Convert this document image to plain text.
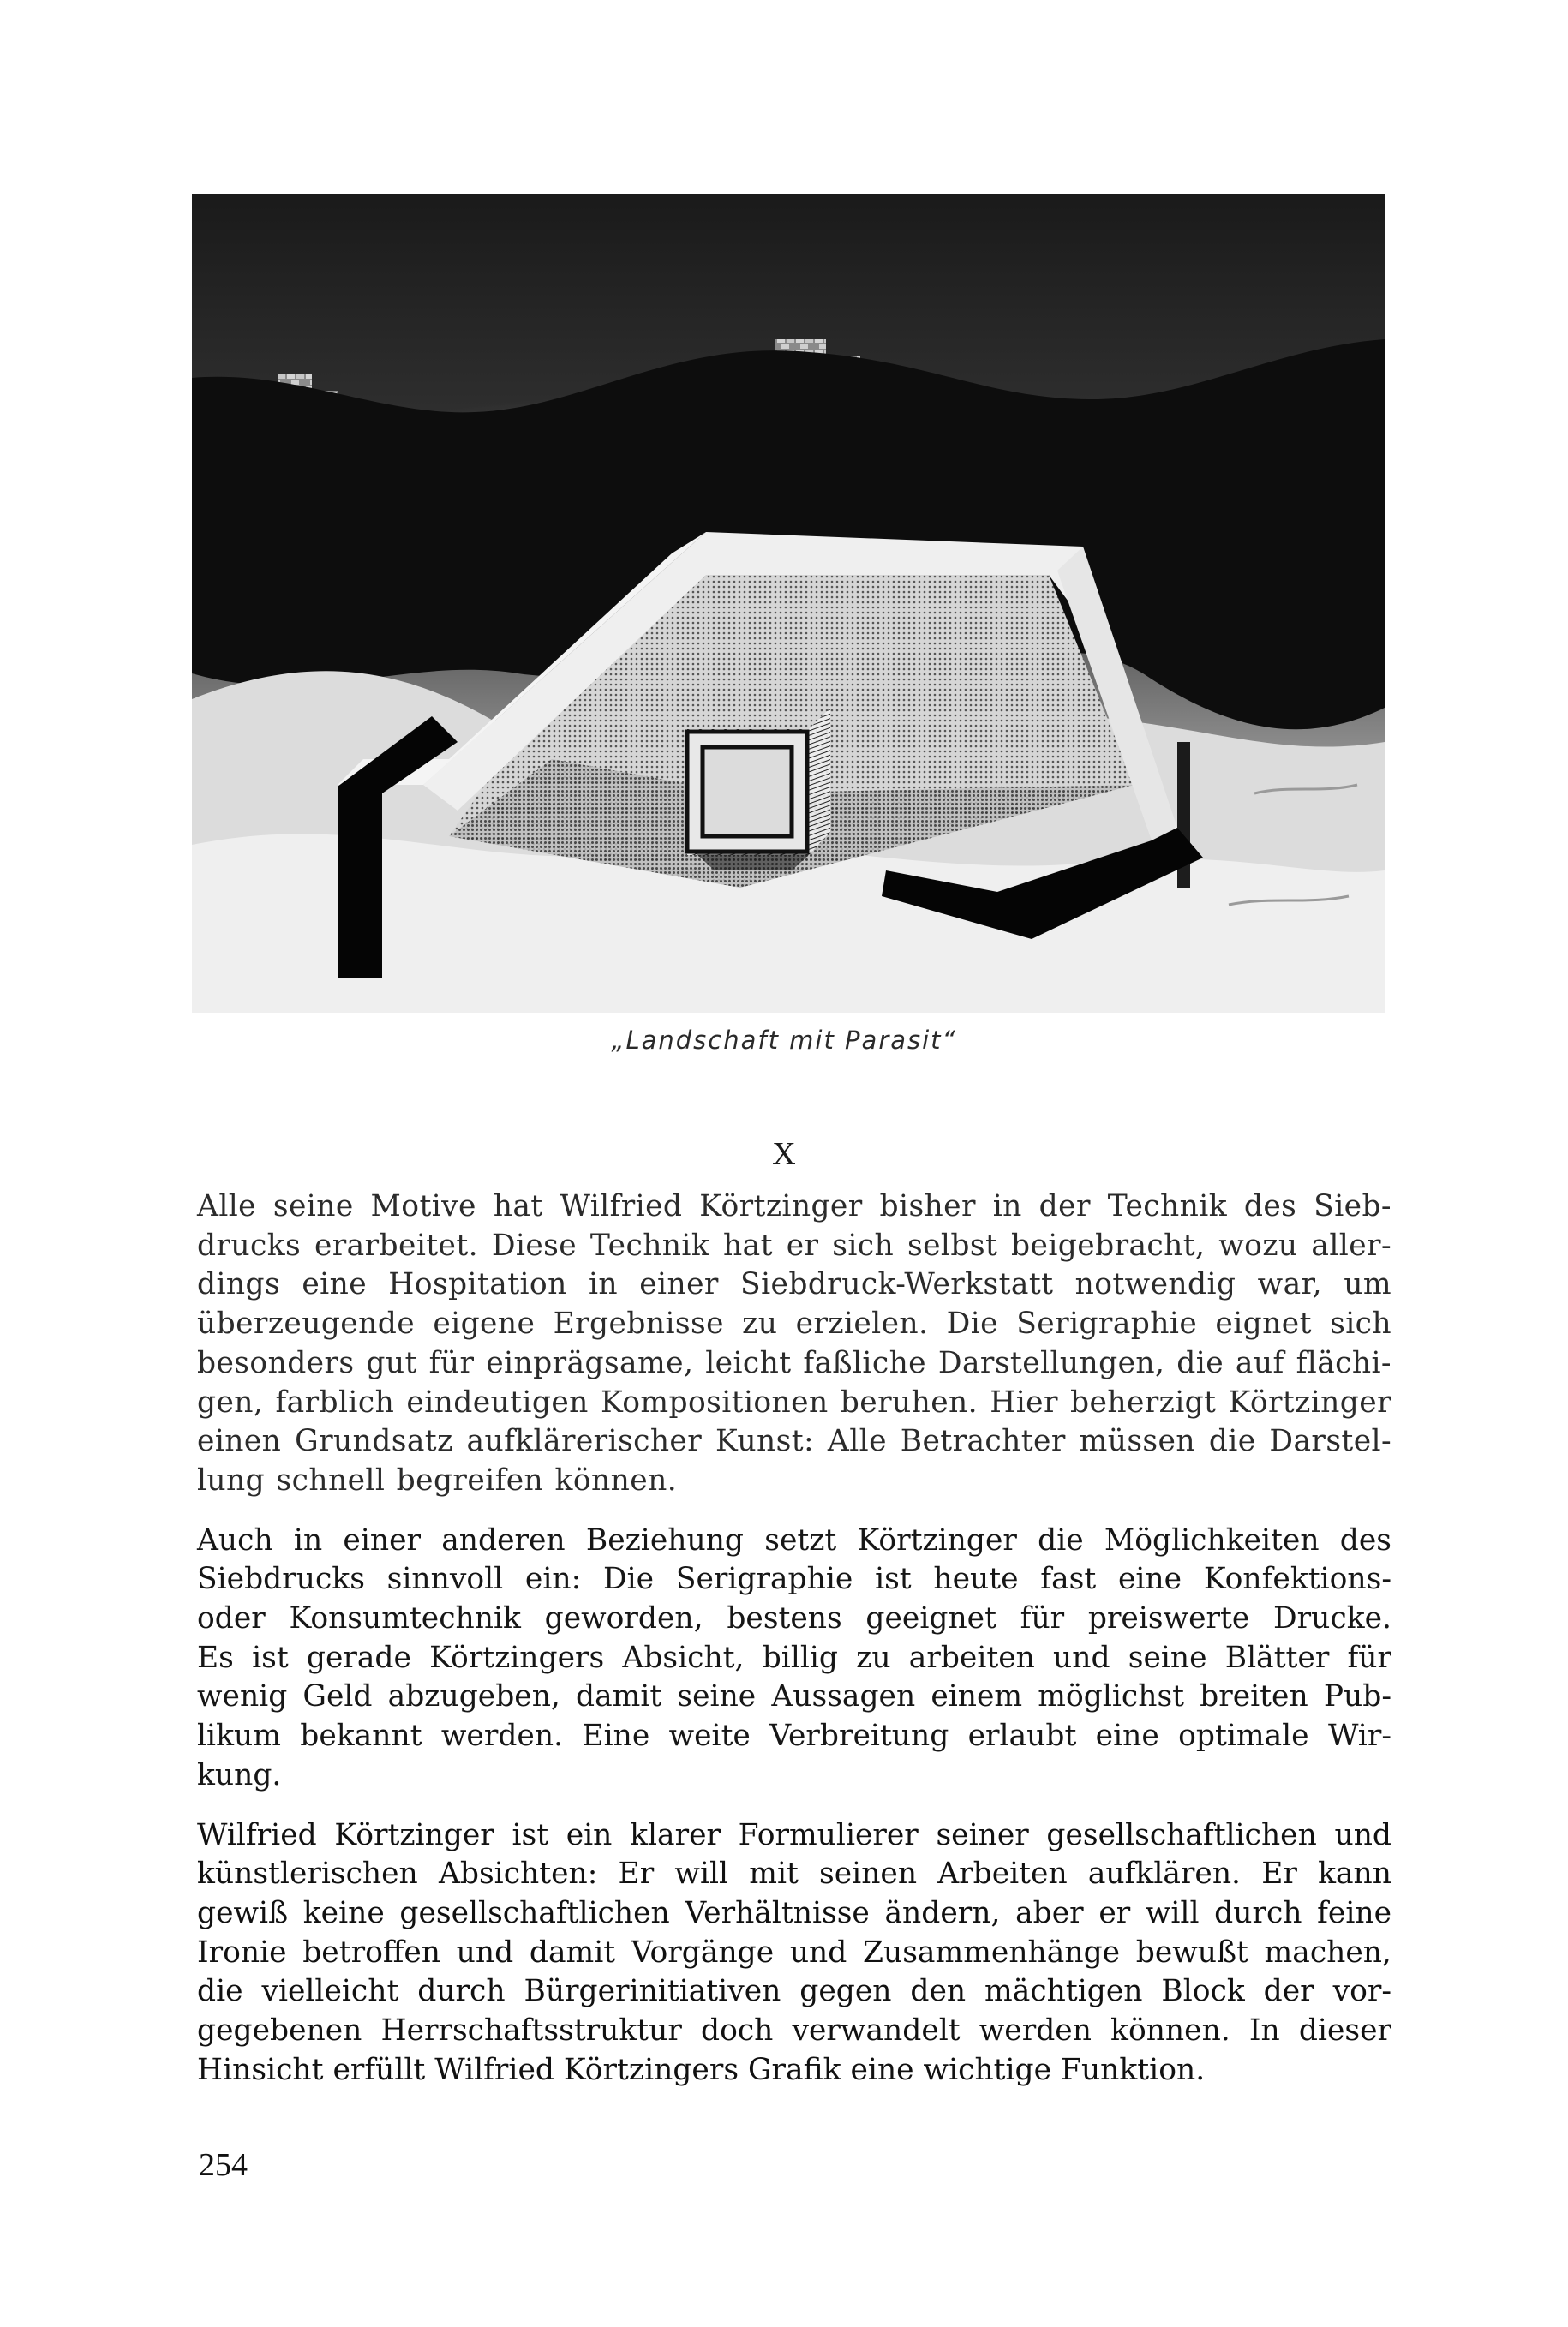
„Landschaft mit Parasit“
X

Alle seine Motive hat Wilfried Körtzinger bisher in der Technik des Sieb-
drucks erarbeitet. Diese Technik hat er sich selbst beigebracht, wozu aller-
dings eine Hospitation in einer Siebdruck-Werkstatt notwendig war, um
überzeugende eigene Ergebnisse zu erzielen. Die Serigraphie eignet sich
besonders gut für einprägsame, leicht faßliche Darstellungen, die auf flächi-
gen, farblich eindeutigen Kompositionen beruhen. Hier beherzigt Körtzinger
einen Grundsatz aufklärerischer Kunst: Alle Betrachter müssen die Darstel-
lung schnell begreifen können.

Auch in einer anderen Beziehung setzt Körtzinger die Möglichkeiten des
Siebdrucks sinnvoll ein: Die Serigraphie ist heute fast eine Konfektions-
oder Konsumtechnik geworden, bestens geeignet für preiswerte Drucke.
Es ist gerade Körtzingers Absicht, billig zu arbeiten und seine Blätter für
wenig Geld abzugeben, damit seine Aussagen einem möglichst breiten Pub-
likum bekannt werden. Eine weite Verbreitung erlaubt eine optimale Wir-
kung.

Wilfried Körtzinger ist ein klarer Formulierer seiner gesellschaftlichen und
künstlerischen Absichten: Er will mit seinen Arbeiten aufklären. Er kann
gewiß keine gesellschaftlichen Verhältnisse ändern, aber er will durch feine
Ironie betroffen und damit Vorgänge und Zusammenhänge bewußt machen,
die vielleicht durch Bürgerinitiativen gegen den mächtigen Block der vor-
gegebenen Herrschaftsstruktur doch verwandelt werden können. In dieser
Hinsicht erfüllt Wilfried Körtzingers Grafik eine wichtige Funktion.

254
